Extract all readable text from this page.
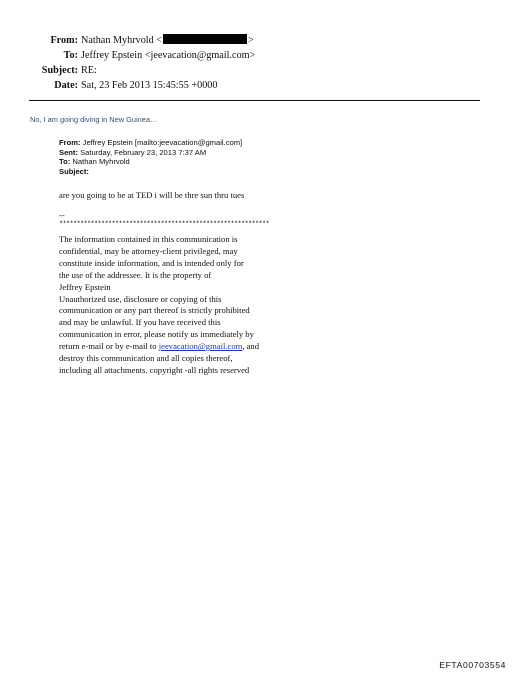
From: Nathan Myhrvold <	>
To: Jeffrey Epstein <jeevacation@gmail.com>
Subject: RE:
Date: Sat, 23 Feb 2013 15:45:55 +0000
No, I am going diving in New Guinea…
From: Jeffrey Epstein [mailto:jeevacation@gmail.com]
Sent: Saturday, February 23, 2013 7:37 AM
To: Nathan Myhrvold
Subject:
are you going to be at TED i will be thre sun thru tues
--
************************************************************
The information contained in this communication is
confidential, may be attorney-client privileged, may
constitute inside information, and is intended only for
the use of the addressee. It is the property of
Jeffrey Epstein
Unauthorized use, disclosure or copying of this
communication or any part thereof is strictly prohibited
and may be unlawful. If you have received this
communication in error, please notify us immediately by
return e-mail or by e-mail to jeevacation@gmail.com, and
destroy this communication and all copies thereof,
including all attachments. copyright -all rights reserved
EFTA00703554
